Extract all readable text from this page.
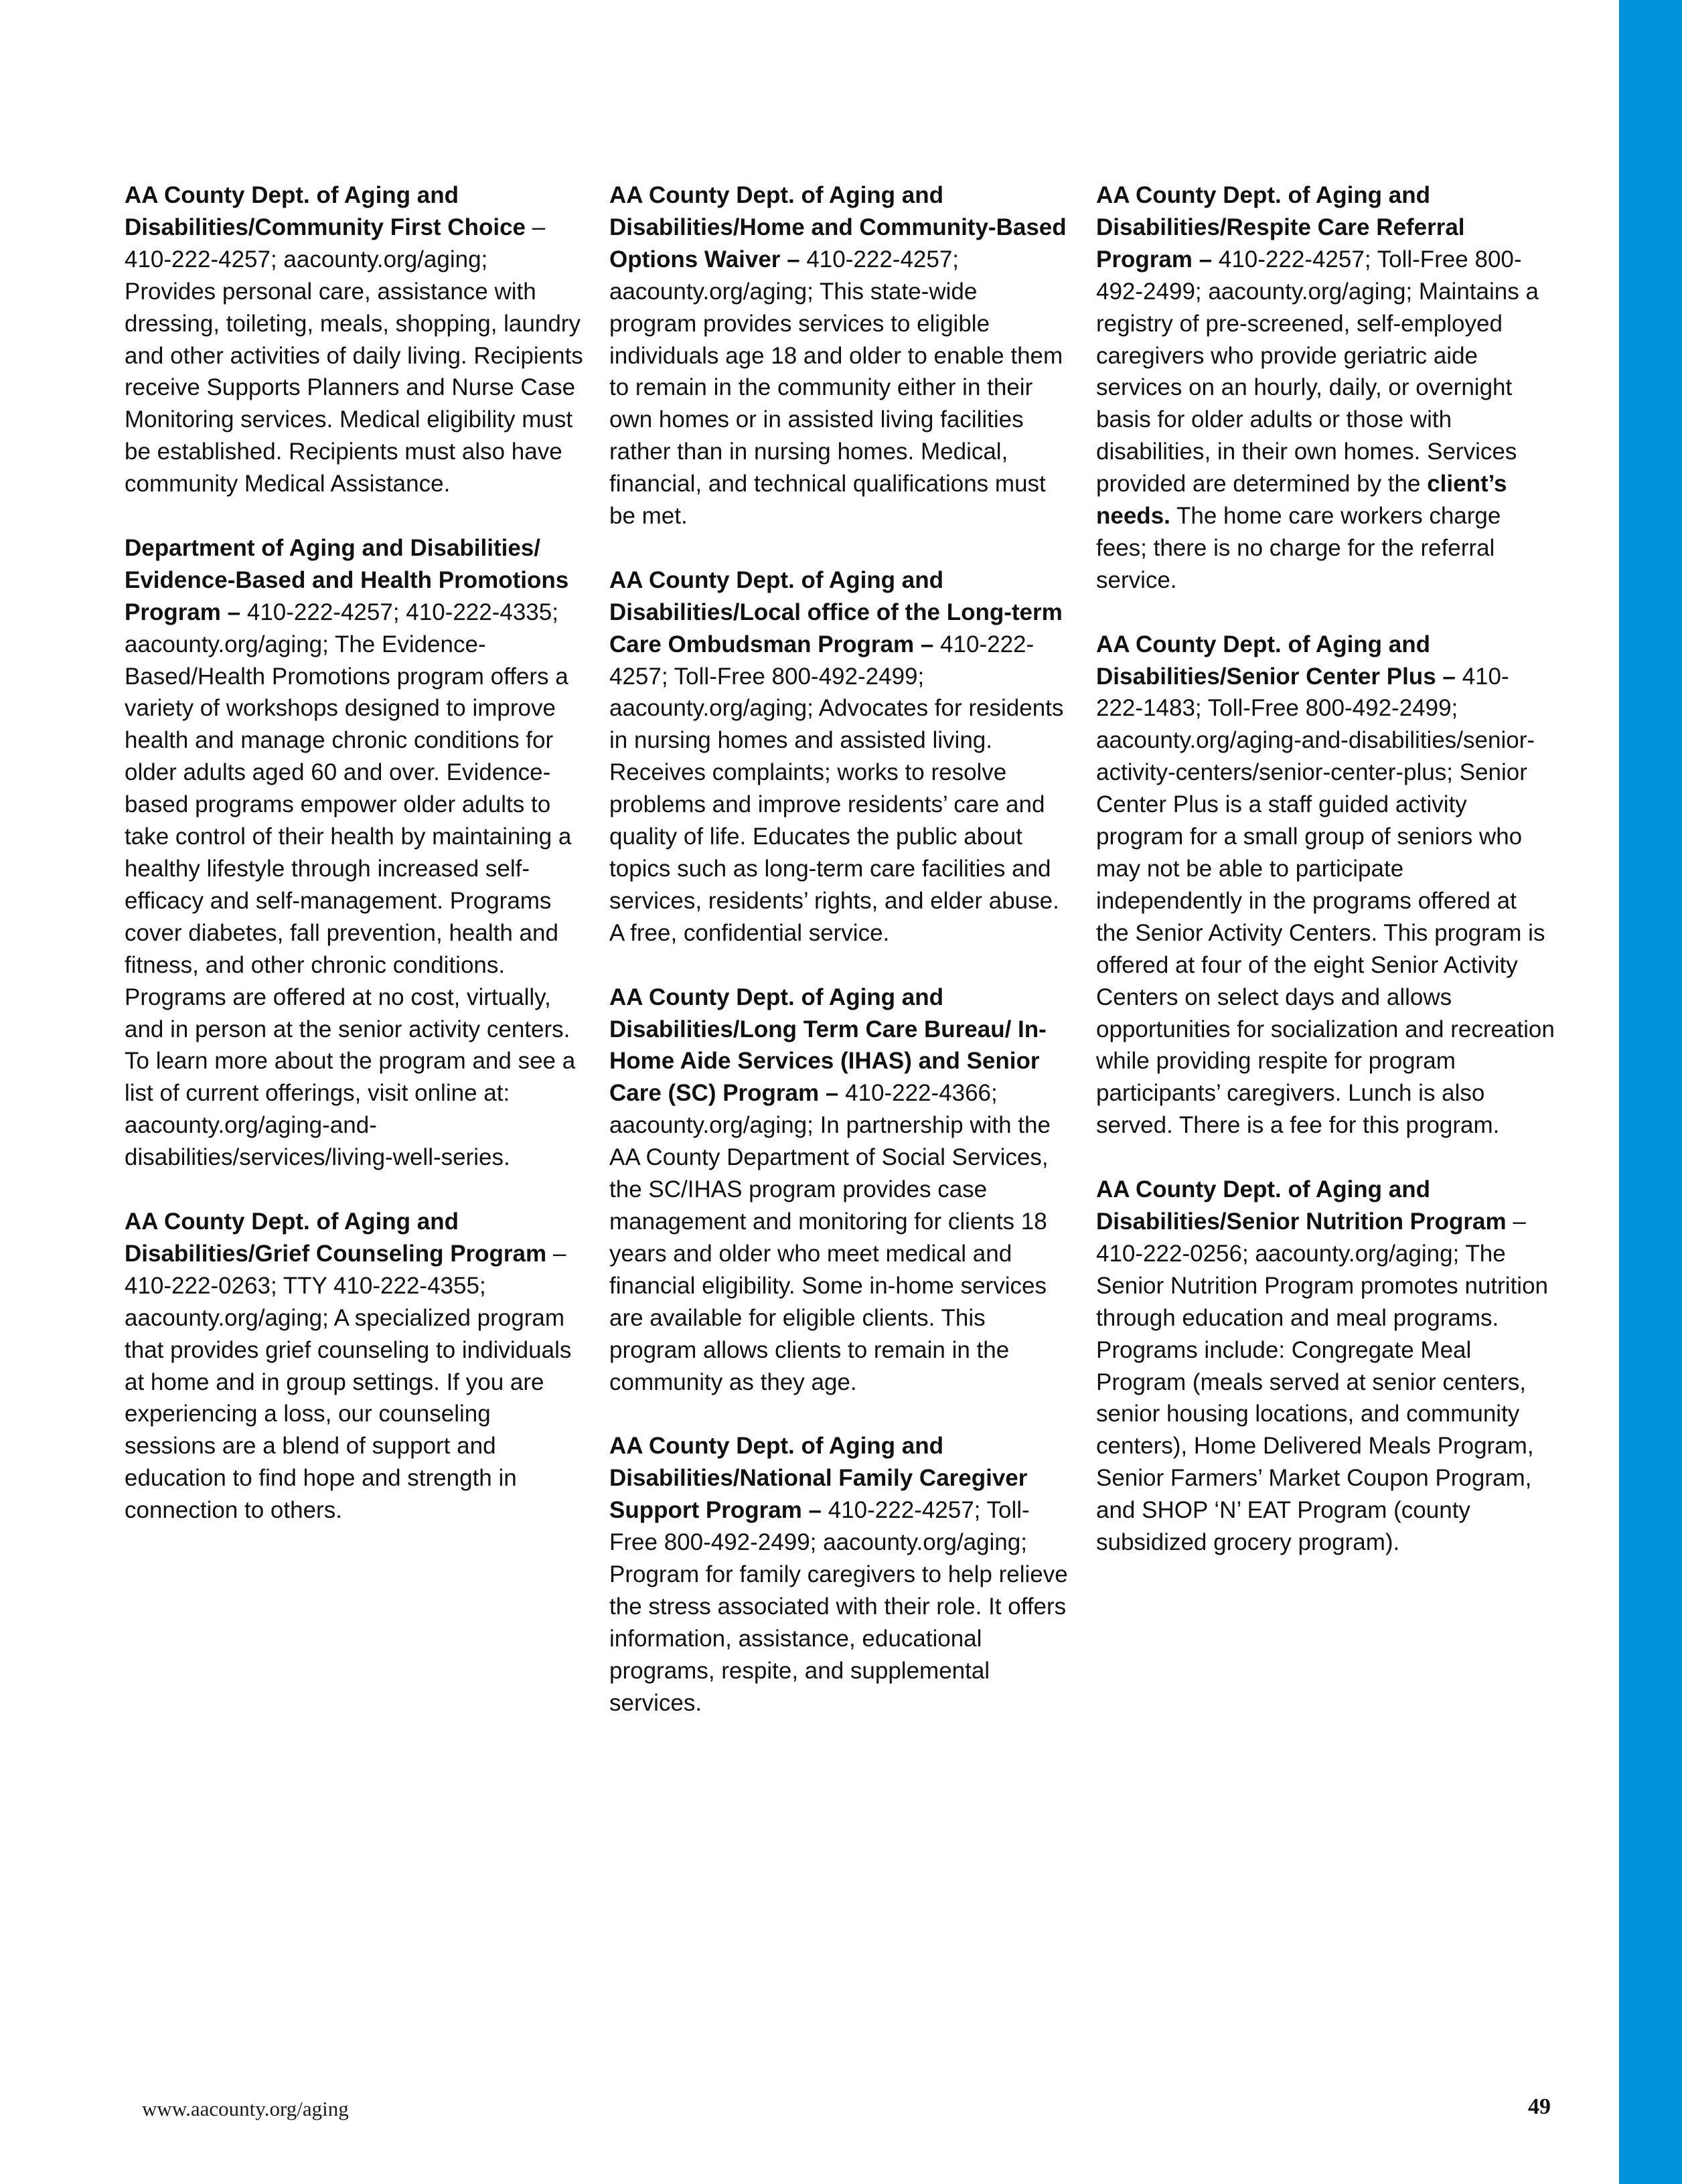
AA County Dept. of Aging and Disabilities/Community First Choice – 410-222-4257; aacounty.org/aging; Provides personal care, assistance with dressing, toileting, meals, shopping, laundry and other activities of daily living. Recipients receive Supports Planners and Nurse Case Monitoring services. Medical eligibility must be established. Recipients must also have community Medical Assistance.

Department of Aging and Disabilities/ Evidence-Based and Health Promotions Program – 410-222-4257; 410-222-4335; aacounty.org/aging; The Evidence-Based/Health Promotions program offers a variety of workshops designed to improve health and manage chronic conditions for older adults aged 60 and over. Evidence-based programs empower older adults to take control of their health by maintaining a healthy lifestyle through increased self-efficacy and self-management. Programs cover diabetes, fall prevention, health and fitness, and other chronic conditions. Programs are offered at no cost, virtually, and in person at the senior activity centers. To learn more about the program and see a list of current offerings, visit online at: aacounty.org/aging-and-disabilities/services/living-well-series.

AA County Dept. of Aging and Disabilities/Grief Counseling Program – 410-222-0263; TTY 410-222-4355; aacounty.org/aging; A specialized program that provides grief counseling to individuals at home and in group settings. If you are experiencing a loss, our counseling sessions are a blend of support and education to find hope and strength in connection to others.

AA County Dept. of Aging and Disabilities/Home and Community-Based Options Waiver – 410-222-4257; aacounty.org/aging; This state-wide program provides services to eligible individuals age 18 and older to enable them to remain in the community either in their own homes or in assisted living facilities rather than in nursing homes. Medical, financial, and technical qualifications must be met.

AA County Dept. of Aging and Disabilities/Local office of the Long-term Care Ombudsman Program – 410-222-4257; Toll-Free 800-492-2499; aacounty.org/aging; Advocates for residents in nursing homes and assisted living. Receives complaints; works to resolve problems and improve residents’ care and quality of life. Educates the public about topics such as long-term care facilities and services, residents’ rights, and elder abuse. A free, confidential service.

AA County Dept. of Aging and Disabilities/Long Term Care Bureau/ In-Home Aide Services (IHAS) and Senior Care (SC) Program – 410-222-4366; aacounty.org/aging; In partnership with the AA County Department of Social Services, the SC/IHAS program provides case management and monitoring for clients 18 years and older who meet medical and financial eligibility. Some in-home services are available for eligible clients. This program allows clients to remain in the community as they age.

AA County Dept. of Aging and Disabilities/National Family Caregiver Support Program – 410-222-4257; Toll-Free 800-492-2499; aacounty.org/aging; Program for family caregivers to help relieve the stress associated with their role. It offers information, assistance, educational programs, respite, and supplemental services.

AA County Dept. of Aging and Disabilities/Respite Care Referral Program – 410-222-4257; Toll-Free 800-492-2499; aacounty.org/aging; Maintains a registry of pre-screened, self-employed caregivers who provide geriatric aide services on an hourly, daily, or overnight basis for older adults or those with disabilities, in their own homes. Services provided are determined by the client’s needs. The home care workers charge fees; there is no charge for the referral service.

AA County Dept. of Aging and Disabilities/Senior Center Plus – 410-222-1483; Toll-Free 800-492-2499; aacounty.org/aging-and-disabilities/senior-activity-centers/senior-center-plus; Senior Center Plus is a staff guided activity program for a small group of seniors who may not be able to participate independently in the programs offered at the Senior Activity Centers. This program is offered at four of the eight Senior Activity Centers on select days and allows opportunities for socialization and recreation while providing respite for program participants’ caregivers. Lunch is also served. There is a fee for this program.

AA County Dept. of Aging and Disabilities/Senior Nutrition Program – 410-222-0256; aacounty.org/aging; The Senior Nutrition Program promotes nutrition through education and meal programs. Programs include: Congregate Meal Program (meals served at senior centers, senior housing locations, and community centers), Home Delivered Meals Program, Senior Farmers’ Market Coupon Program, and SHOP ‘N’ EAT Program (county subsidized grocery program).

www.aacounty.org/aging	49
